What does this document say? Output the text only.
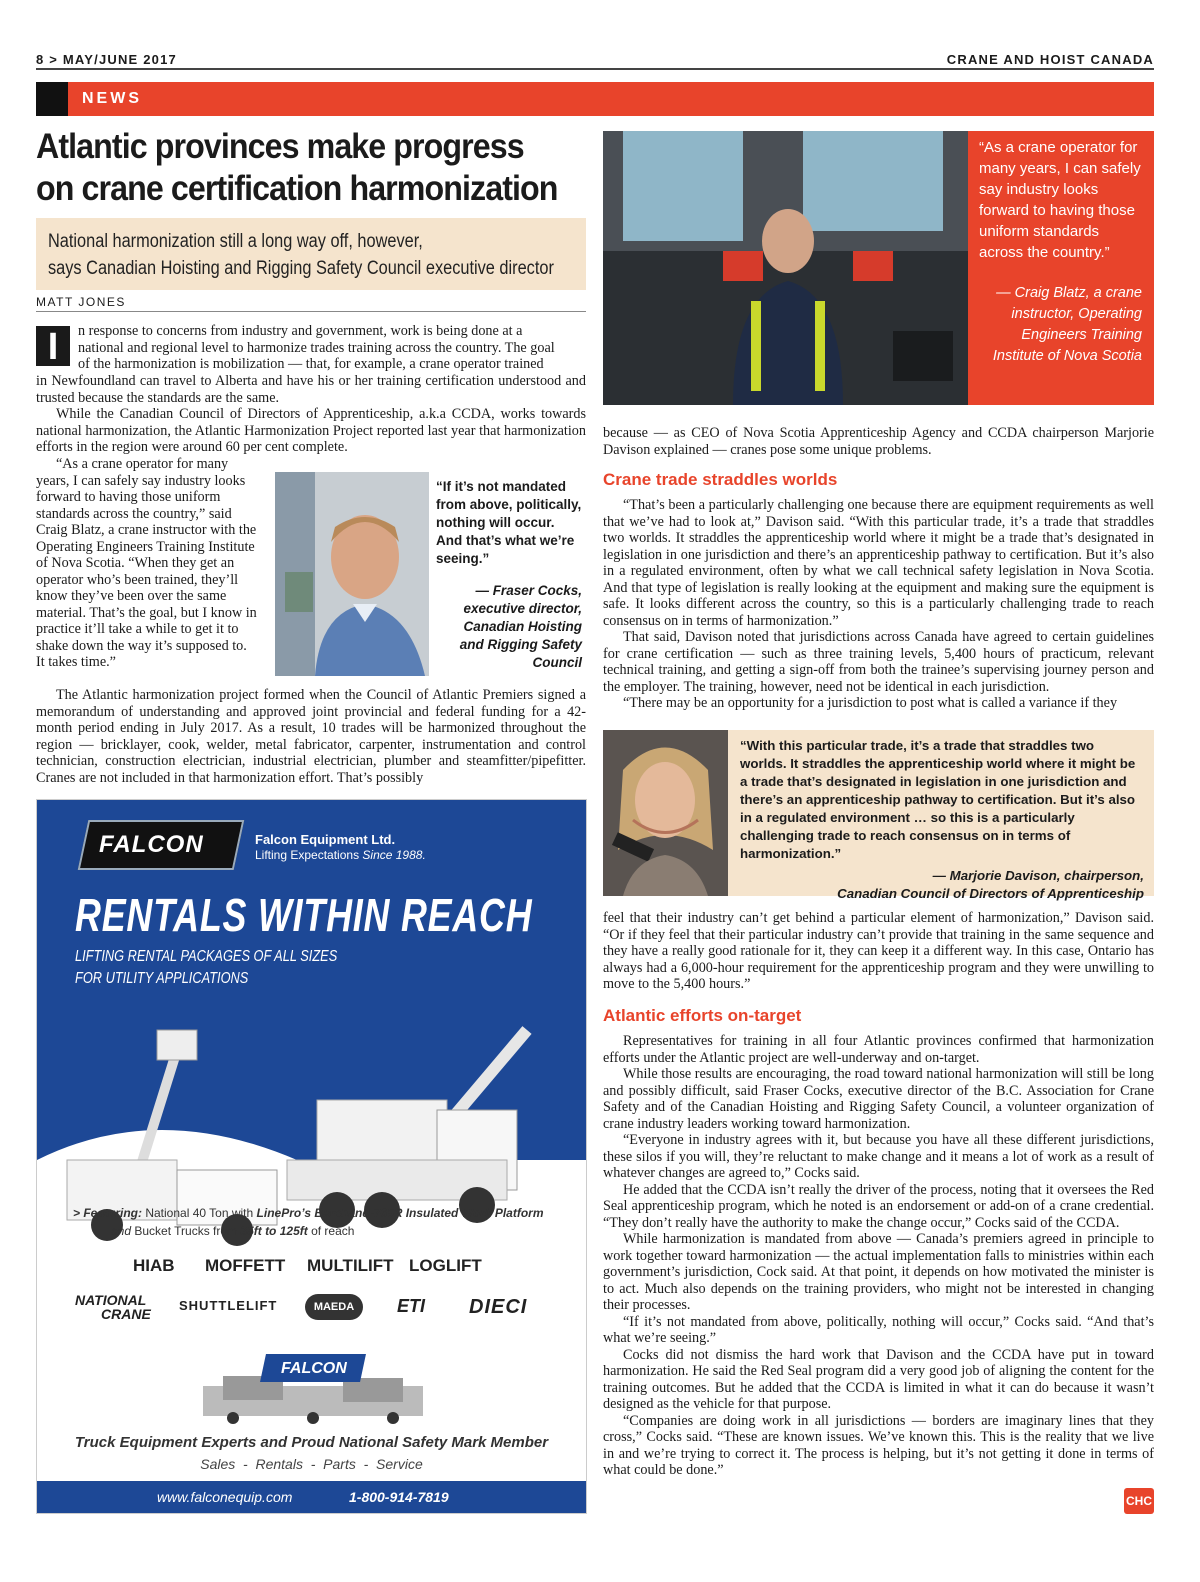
8 > MAY/JUNE 2017	CRANE AND HOIST CANADA
NEWS
Atlantic provinces make progress
on crane certification harmonization
National harmonization still a long way off, however,
says Canadian Hoisting and Rigging Safety Council executive director
MATT JONES
I	n response to concerns from industry and government, work is being done at a
national and regional level to harmonize trades training across the country. The goal
of the harmonization is mobilization — that, for example, a crane operator trained

in Newfoundland can travel to Alberta and have his or her training certification understood and trusted because the standards are the same.

While the Canadian Council of Directors of Apprenticeship, a.k.a CCDA, works towards national harmonization, the Atlantic Harmonization Project reported last year that harmonization efforts in the region were around 60 per cent complete.

“As a crane operator for many years, I can safely say industry looks forward to having those uniform standards across the country,” said Craig Blatz, a crane instructor with the Operating Engineers Training Institute of Nova Scotia. “When they get an operator who’s been trained, they’ll know they’ve been over the same material. That’s the goal, but I know in practice it’ll take a while to get it to shake down the way it’s supposed to. It takes time.”

“If it’s not mandated from above, politically, nothing will occur. And that’s what we’re seeing.”

— Fraser Cocks, executive director, Canadian Hoisting and Rigging Safety Council

The Atlantic harmonization project formed when the Council of Atlantic Premiers signed a memorandum of understanding and approved joint provincial and federal funding for a 42-month period ending in July 2017. As a result, 10 trades will be harmonized throughout the region — bricklayer, cook, welder, metal fabricator, carpenter, instrumentation and control technician, construction electrician, industrial electrician, plumber and steamfitter/pipefitter. Cranes are not included in that harmonization effort. That’s possibly

FALCON	Falcon Equipment Ltd.
Lifting Expectations Since 1988.
RENTALS WITHIN REACH
LIFTING RENTAL PACKAGES OF ALL SIZES
FOR UTILITY APPLICATIONS
> Featuring: National 40 Ton with LinePro’s Barehand-765R Insulated Work Platform
and Bucket Trucks from 35ft to 125ft of reach
HIAB MOFFETT MULTILIFT LOGLIFT
NATIONAL
CRANE
SHUTTLELIFT	MAEDA	ETI DIECI
FALCON
Truck Equipment Experts and Proud National Safety Mark Member
Sales  -  Rentals  -  Parts  -  Service
www.falconequip.com	1-800-914-7819

“As a crane operator for many years, I can safely say industry looks forward to having those uniform standards across the country.”

— Craig Blatz, a crane instructor, Operating Engineers Training Institute of Nova Scotia

because — as CEO of Nova Scotia Apprenticeship Agency and CCDA chairperson Marjorie Davison explained — cranes pose some unique problems.

Crane trade straddles worlds

“That’s been a particularly challenging one because there are equipment requirements as well that we’ve had to look at,” Davison said. “With this particular trade, it’s a trade that straddles two worlds. It straddles the apprenticeship world where it might be a trade that’s designated in legislation in one jurisdiction and there’s an apprenticeship pathway to certification. But it’s also in a regulated environment, often by what we call technical safety legislation in Nova Scotia. And that type of legislation is really looking at the equipment and making sure the equipment is safe. It looks different across the country, so this is a particularly challenging trade to reach consensus on in terms of harmonization.”

That said, Davison noted that jurisdictions across Canada have agreed to certain guidelines for crane certification — such as three training levels, 5,400 hours of practicum, relevant technical training, and getting a sign-off from both the trainee’s supervising journey person and the employer. The training, however, need not be identical in each jurisdiction.

“There may be an opportunity for a jurisdiction to post what is called a variance if they

“With this particular trade, it’s a trade that straddles two worlds. It straddles the apprenticeship world where it might be a trade that’s designated in legislation in one jurisdiction and there’s an apprenticeship pathway to certification. But it’s also in a regulated environment … so this is a particularly challenging trade to reach consensus on in terms of harmonization.”

— Marjorie Davison, chairperson,

Canadian Council of Directors of Apprenticeship

feel that their industry can’t get behind a particular element of harmonization,” Davison said. “Or if they feel that their particular industry can’t provide that training in the same sequence and they have a really good rationale for it, they can keep it a different way. In this case, Ontario has always had a 6,000-hour requirement for the apprenticeship program and they were unwilling to move to the 5,400 hours.”

Atlantic efforts on-target

Representatives for training in all four Atlantic provinces confirmed that harmonization efforts under the Atlantic project are well-underway and on-target.

While those results are encouraging, the road toward national harmonization will still be long and possibly difficult, said Fraser Cocks, executive director of the B.C. Association for Crane Safety and of the Canadian Hoisting and Rigging Safety Council, a volunteer organization of crane industry leaders working toward harmonization.

“Everyone in industry agrees with it, but because you have all these different jurisdictions, these silos if you will, they’re reluctant to make change and it means a lot of work as a result of whatever changes are agreed to,” Cocks said.

He added that the CCDA isn’t really the driver of the process, noting that it oversees the Red Seal apprenticeship program, which he noted is an endorsement or add-on of a crane credential. “They don’t really have the authority to make the change occur,” Cocks said of the CCDA.

While harmonization is mandated from above — Canada’s premiers agreed in principle to work together toward harmonization — the actual implementation falls to ministries within each government’s jurisdiction, Cock said. At that point, it depends on how motivated the minister is to act. Much also depends on the training providers, who might not be interested in changing their processes.

“If it’s not mandated from above, politically, nothing will occur,” Cocks said. “And that’s what we’re seeing.”

Cocks did not dismiss the hard work that Davison and the CCDA have put in toward harmonization. He said the Red Seal program did a very good job of aligning the content for the training outcomes. But he added that the CCDA is limited in what it can do because it wasn’t designed as the vehicle for that purpose.

“Companies are doing work in all jurisdictions — borders are imaginary lines that they cross,” Cocks said. “These are known issues. We’ve known this. This is the reality that we live in and we’re trying to correct it. The process is helping, but it’s not getting it done in terms of what could be done.”

CHC
